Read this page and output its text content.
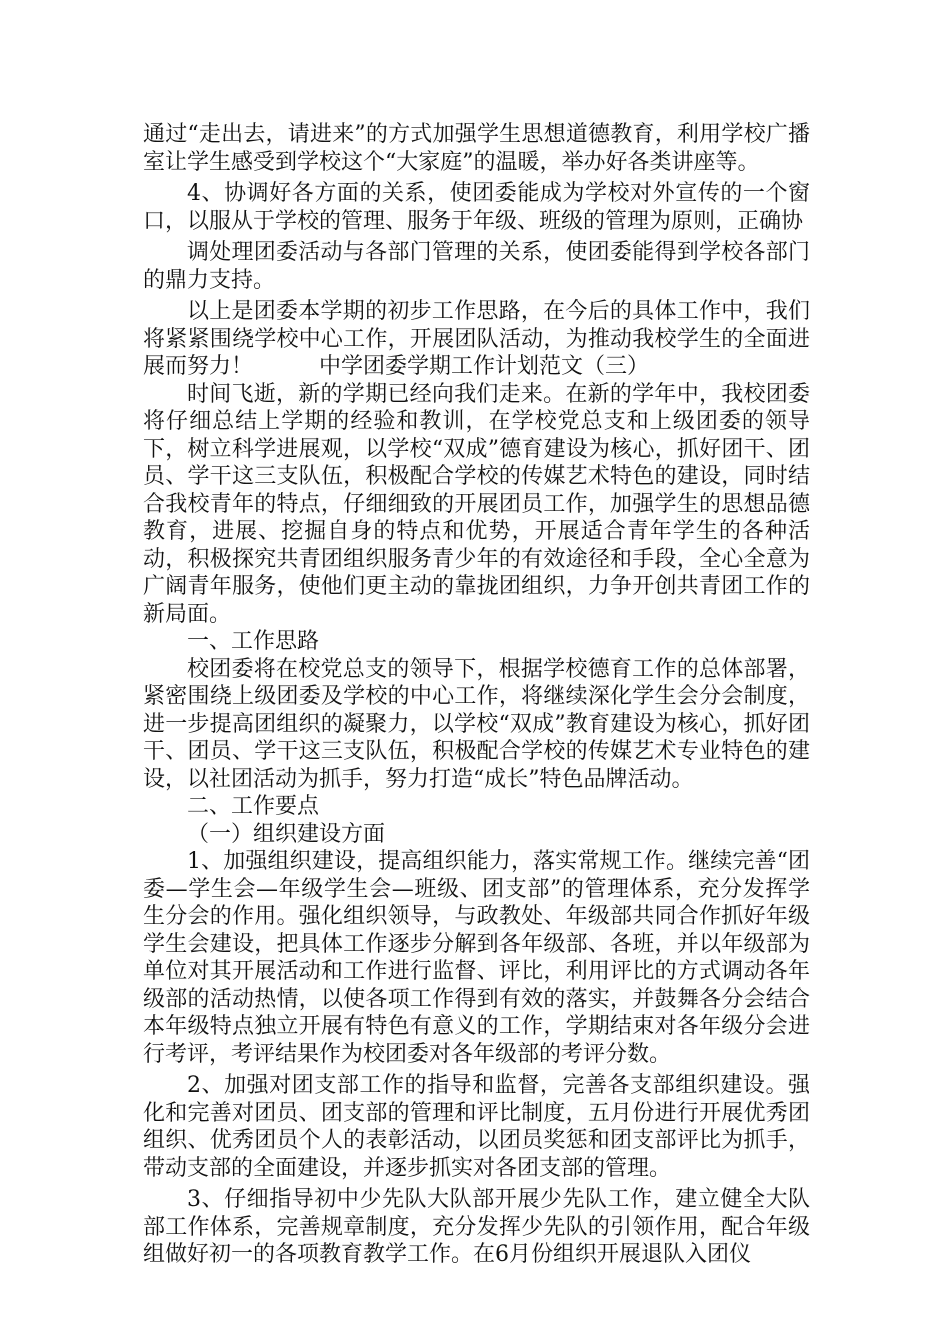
通过“走出去，请进来”的方式加强学生思想道德教育，利用学校广播室让学生感受到学校这个“大家庭”的温暖，举办好各类讲座等。

4、协调好各方面的关系，使团委能成为学校对外宣传的一个窗口，以服从于学校的管理、服务于年级、班级的管理为原则，正确协

调处理团委活动与各部门管理的关系，使团委能得到学校各部门的鼎力支持。

以上是团委本学期的初步工作思路，在今后的具体工作中，我们将紧紧围绕学校中心工作，开展团队活动，为推动我校学生的全面进展而努力！　　　中学团委学期工作计划范文（三）

时间飞逝，新的学期已经向我们走来。在新的学年中，我校团委将仔细总结上学期的经验和教训，在学校党总支和上级团委的领导下，树立科学进展观，以学校“双成”德育建设为核心，抓好团干、团员、学干这三支队伍，积极配合学校的传媒艺术特色的建设，同时结合我校青年的特点，仔细细致的开展团员工作，加强学生的思想品德教育，进展、挖掘自身的特点和优势，开展适合青年学生的各种活动，积极探究共青团组织服务青少年的有效途径和手段，全心全意为广阔青年服务，使他们更主动的靠拢团组织，力争开创共青团工作的新局面。

一、工作思路

校团委将在校党总支的领导下，根据学校德育工作的总体部署，紧密围绕上级团委及学校的中心工作，将继续深化学生会分会制度，进一步提高团组织的凝聚力，以学校“双成”教育建设为核心，抓好团干、团员、学干这三支队伍，积极配合学校的传媒艺术专业特色的建设，以社团活动为抓手，努力打造“成长”特色品牌活动。

二、工作要点

（一）组织建设方面

1、加强组织建设，提高组织能力，落实常规工作。继续完善“团委—学生会—年级学生会—班级、团支部”的管理体系，充分发挥学生分会的作用。强化组织领导，与政教处、年级部共同合作抓好年级学生会建设，把具体工作逐步分解到各年级部、各班，并以年级部为单位对其开展活动和工作进行监督、评比，利用评比的方式调动各年级部的活动热情，以使各项工作得到有效的落实，并鼓舞各分会结合本年级特点独立开展有特色有意义的工作，学期结束对各年级分会进行考评，考评结果作为校团委对各年级部的考评分数。

2、加强对团支部工作的指导和监督，完善各支部组织建设。强化和完善对团员、团支部的管理和评比制度，五月份进行开展优秀团组织、优秀团员个人的表彰活动，以团员奖惩和团支部评比为抓手，带动支部的全面建设，并逐步抓实对各团支部的管理。

3、仔细指导初中少先队大队部开展少先队工作，建立健全大队部工作体系，完善规章制度，充分发挥少先队的引领作用，配合年级组做好初一的各项教育教学工作。在6月份组织开展退队入团仪
